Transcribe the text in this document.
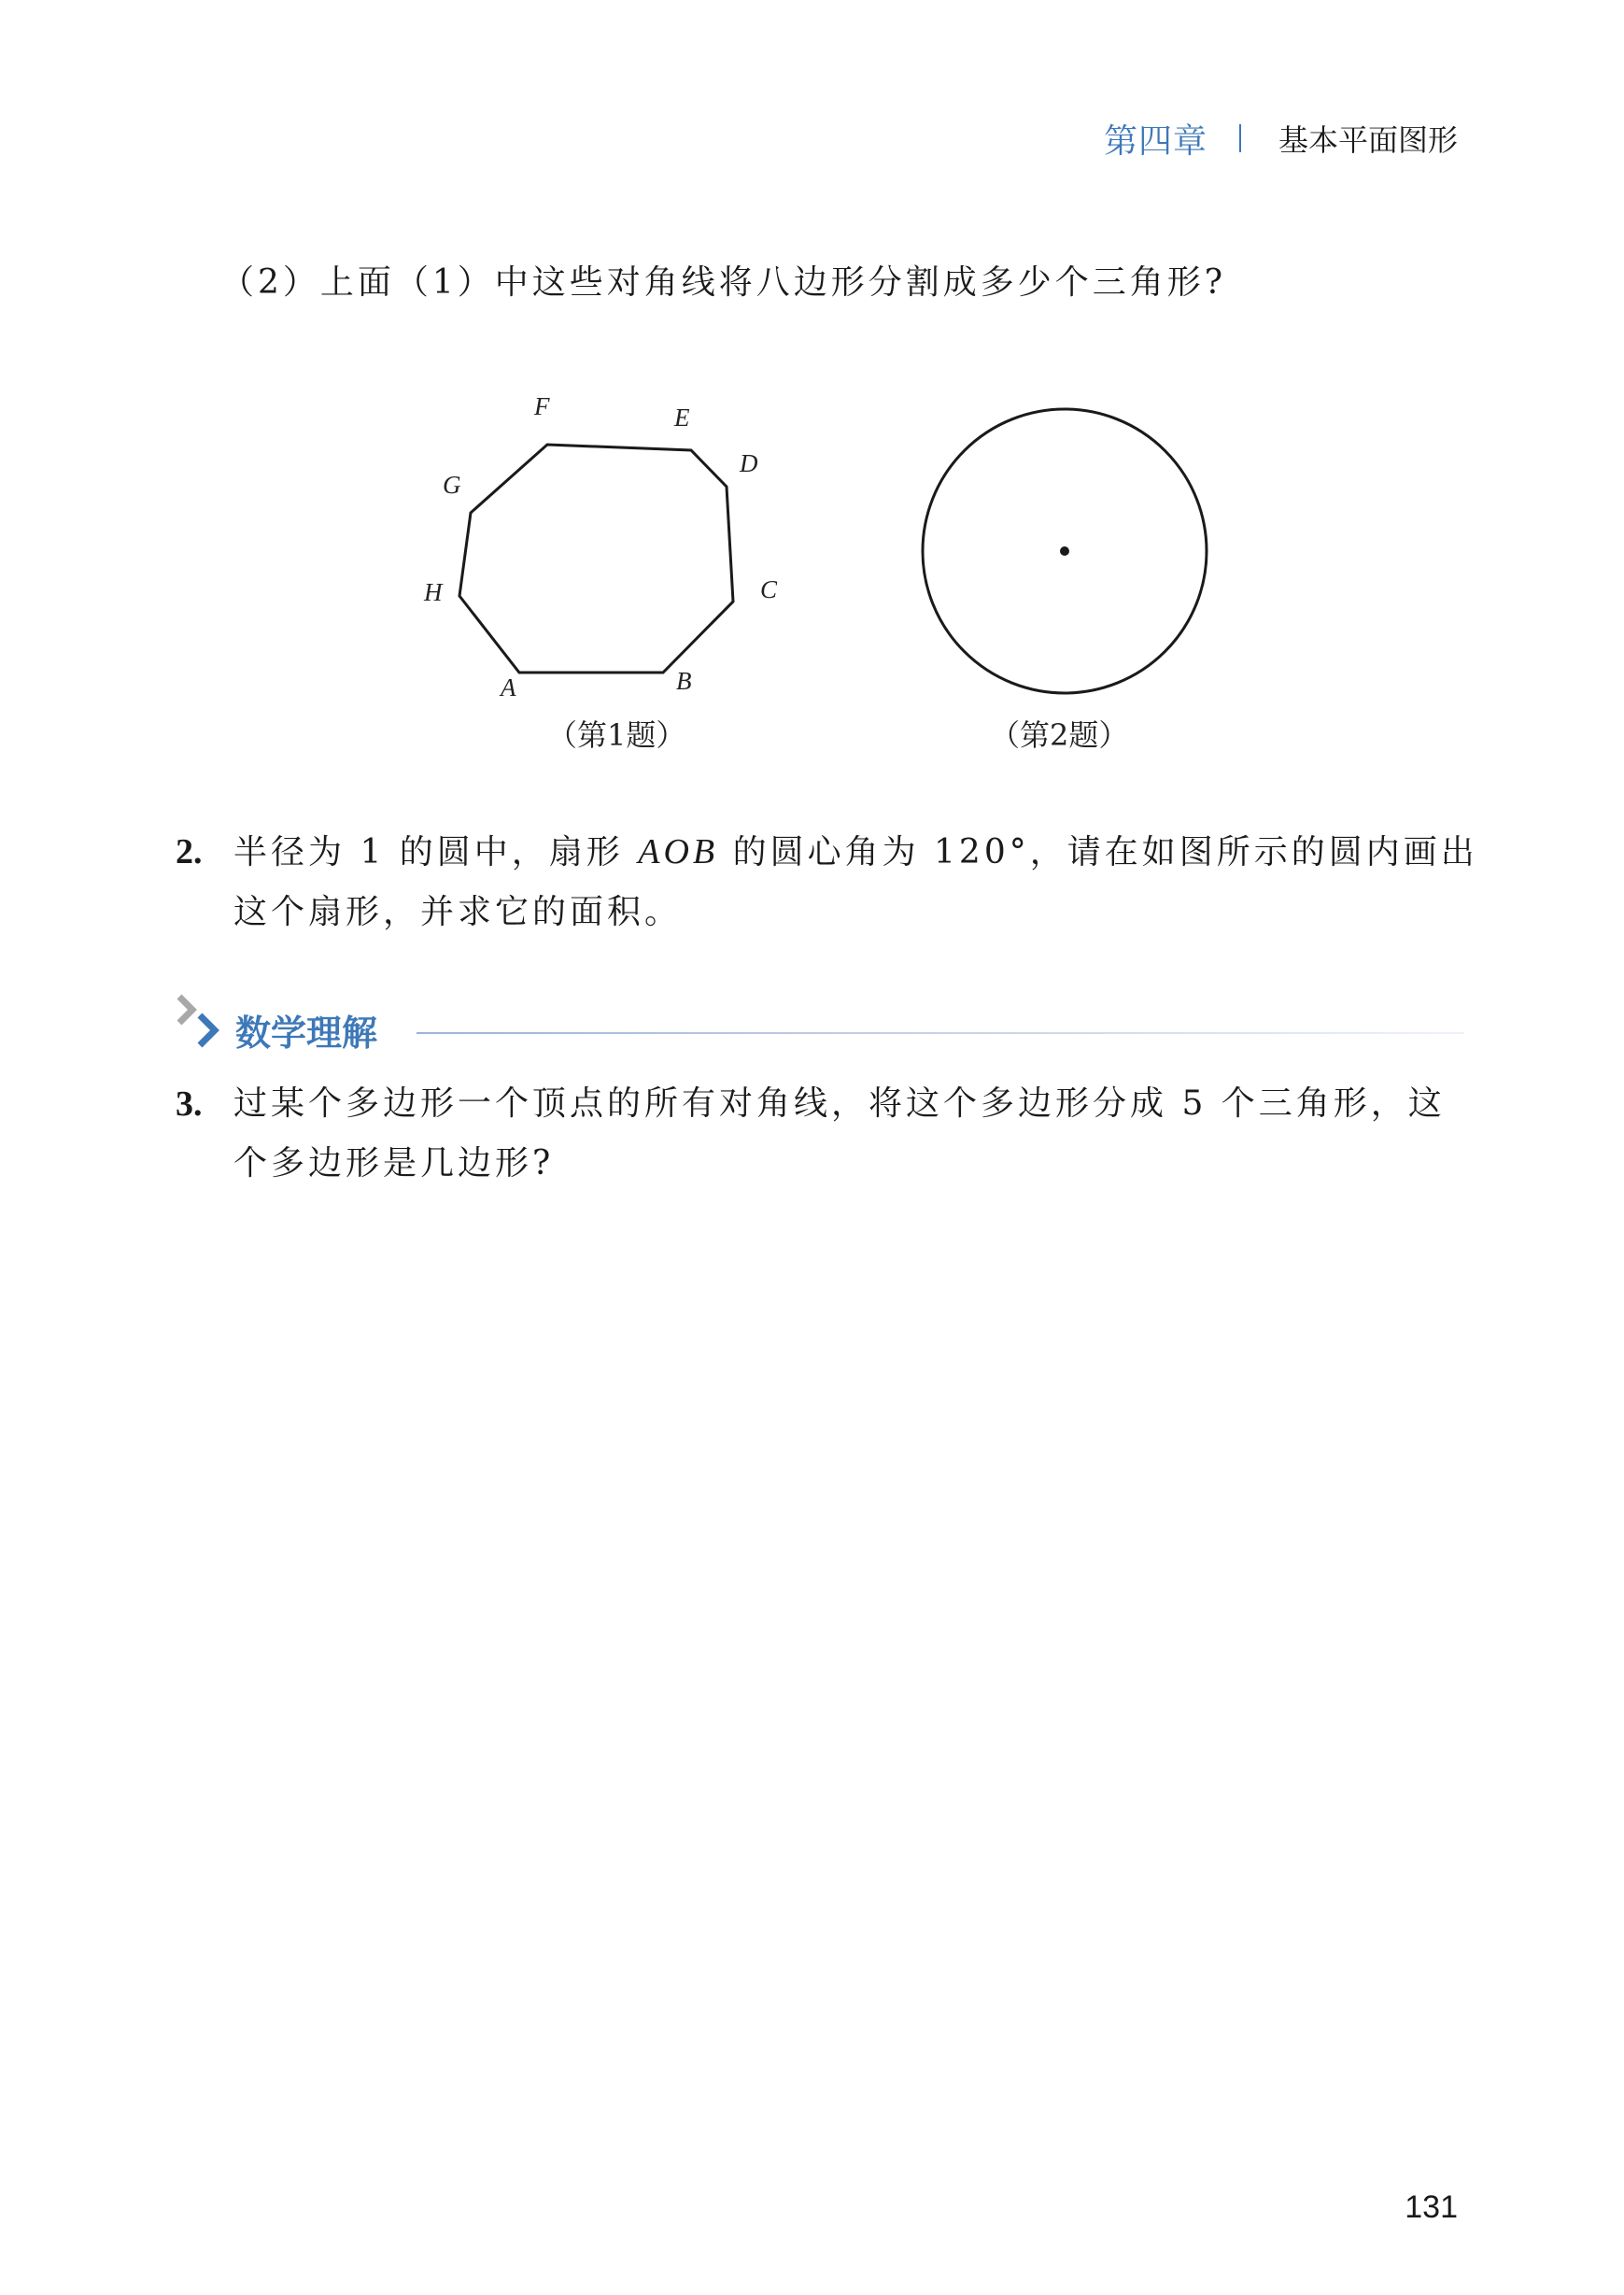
第四章 基本平面图形
（2）上面（1）中这些对角线将八边形分割成多少个三角形?
A	B
C
D
E
F
G
H
（第1题）	（第2题）
2. 半径为 1 的圆中，扇形 AOB 的圆心角为 120°，请在如图所示的圆内画出
这个扇形，并求它的面积。
数学理解
3. 过某个多边形一个顶点的所有对角线，将这个多边形分成 5 个三角形，这
个多边形是几边形?
131
